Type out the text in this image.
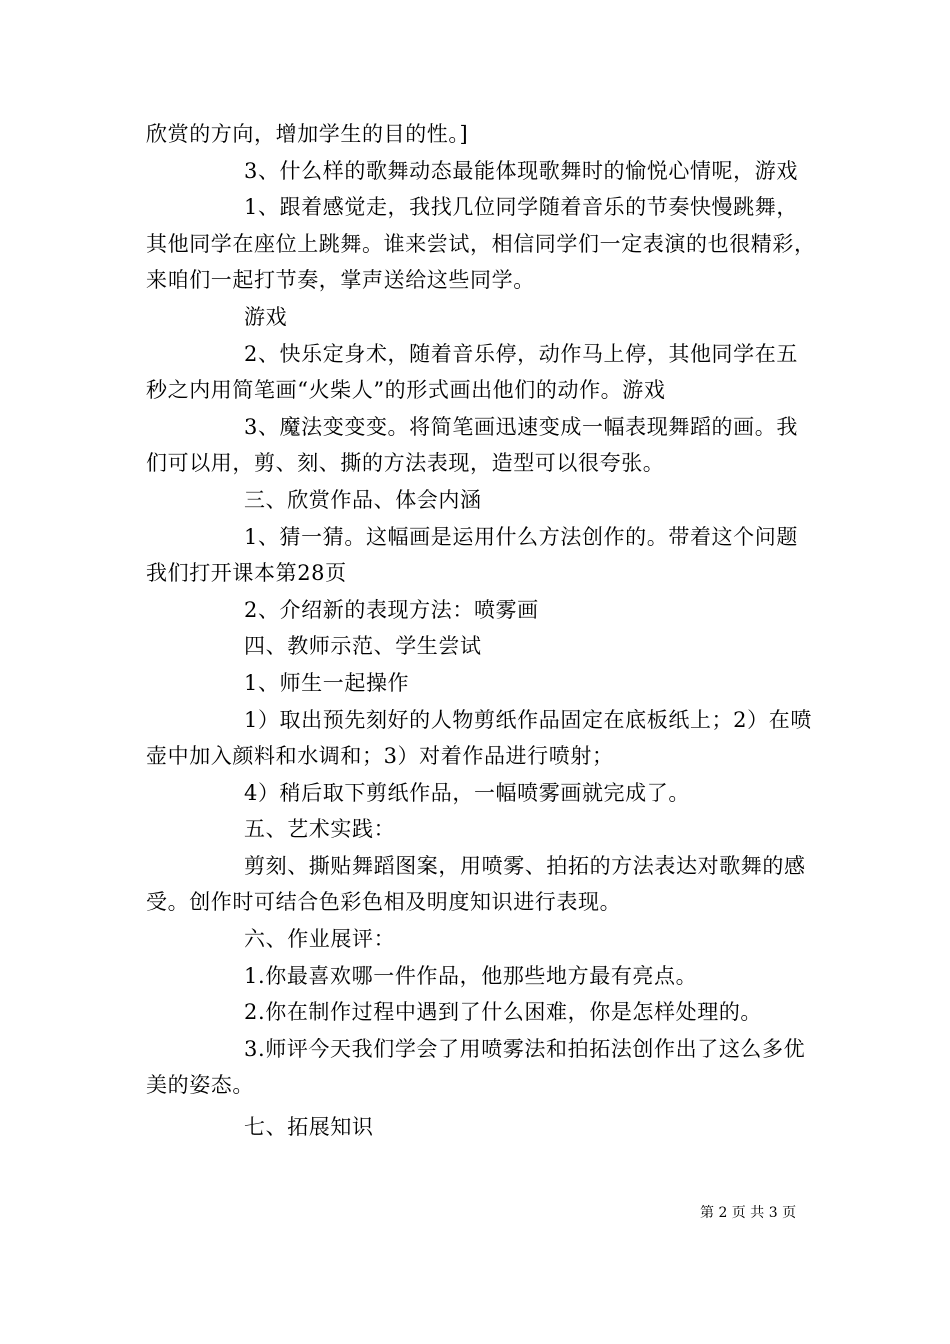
欣赏的方向，增加学生的目的性。]

3、什么样的歌舞动态最能体现歌舞时的愉悦心情呢，游戏

1、跟着感觉走，我找几位同学随着音乐的节奏快慢跳舞，其他同学在座位上跳舞。谁来尝试，相信同学们一定表演的也很精彩，来咱们一起打节奏，掌声送给这些同学。

游戏

2、快乐定身术，随着音乐停，动作马上停，其他同学在五秒之内用简笔画“火柴人”的形式画出他们的动作。游戏

3、魔法变变变。将简笔画迅速变成一幅表现舞蹈的画。我们可以用，剪、刻、撕的方法表现，造型可以很夸张。

三、欣赏作品、体会内涵

1、猜一猜。这幅画是运用什么方法创作的。带着这个问题我们打开课本第28页

2、介绍新的表现方法：喷雾画

四、教师示范、学生尝试

1、师生一起操作

1）取出预先刻好的人物剪纸作品固定在底板纸上；2）在喷壶中加入颜料和水调和；3）对着作品进行喷射；

4）稍后取下剪纸作品，一幅喷雾画就完成了。

五、艺术实践：

剪刻、撕贴舞蹈图案，用喷雾、拍拓的方法表达对歌舞的感受。创作时可结合色彩色相及明度知识进行表现。

六、作业展评：

1.你最喜欢哪一件作品，他那些地方最有亮点。

2.你在制作过程中遇到了什么困难，你是怎样处理的。

3.师评今天我们学会了用喷雾法和拍拓法创作出了这么多优美的姿态。

七、拓展知识

第 2 页 共 3 页
